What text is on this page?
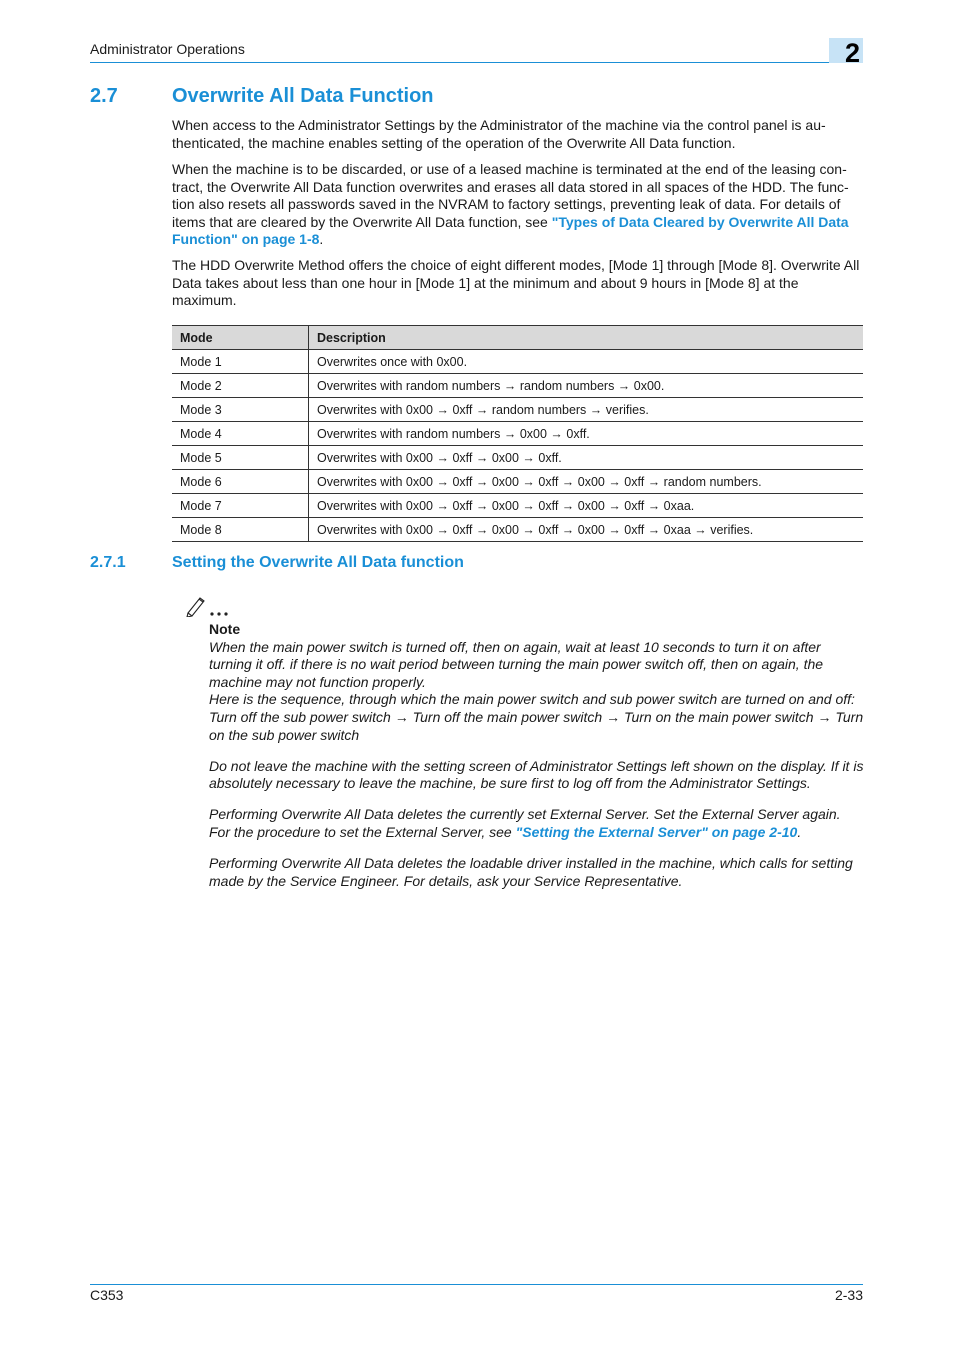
Administrator Operations	2
2.7	Overwrite All Data Function

When access to the Administrator Settings by the Administrator of the machine via the control panel is au-thenticated, the machine enables setting of the operation of the Overwrite All Data function.

When the machine is to be discarded, or use of a leased machine is terminated at the end of the leasing con-tract, the Overwrite All Data function overwrites and erases all data stored in all spaces of the HDD. The func-tion also resets all passwords saved in the NVRAM to factory settings, preventing leak of data. For details of items that are cleared by the Overwrite All Data function, see "Types of Data Cleared by Overwrite All Data Function" on page 1-8.

The HDD Overwrite Method offers the choice of eight different modes, [Mode 1] through [Mode 8]. Overwrite All Data takes about less than one hour in [Mode 1] at the minimum and about 9 hours in [Mode 8] at the maximum.

Mode	Description
Mode 1	Overwrites once with 0x00.
Mode 2	Overwrites with random numbers → random numbers → 0x00.
Mode 3	Overwrites with 0x00 → 0xff → random numbers → verifies.
Mode 4	Overwrites with random numbers → 0x00 → 0xff.
Mode 5	Overwrites with 0x00 → 0xff → 0x00 → 0xff.
Mode 6	Overwrites with 0x00 → 0xff → 0x00 → 0xff → 0x00 → 0xff → random numbers.
Mode 7	Overwrites with 0x00 → 0xff → 0x00 → 0xff → 0x00 → 0xff → 0xaa.
Mode 8	Overwrites with 0x00 → 0xff → 0x00 → 0xff → 0x00 → 0xff → 0xaa → verifies.
2.7.1	Setting the Overwrite All Data function
Note

When the main power switch is turned off, then on again, wait at least 10 seconds to turn it on after turning it off. if there is no wait period between turning the main power switch off, then on again, the machine may not function properly.

Here is the sequence, through which the main power switch and sub power switch are turned on and off:

Turn off the sub power switch → Turn off the main power switch → Turn on the main power switch → Turn on the sub power switch

Do not leave the machine with the setting screen of Administrator Settings left shown on the display. If it is absolutely necessary to leave the machine, be sure first to log off from the Administrator Settings.

Performing Overwrite All Data deletes the currently set External Server. Set the External Server again. For the procedure to set the External Server, see "Setting the External Server" on page 2-10.

Performing Overwrite All Data deletes the loadable driver installed in the machine, which calls for setting made by the Service Engineer. For details, ask your Service Representative.

C353	2-33
